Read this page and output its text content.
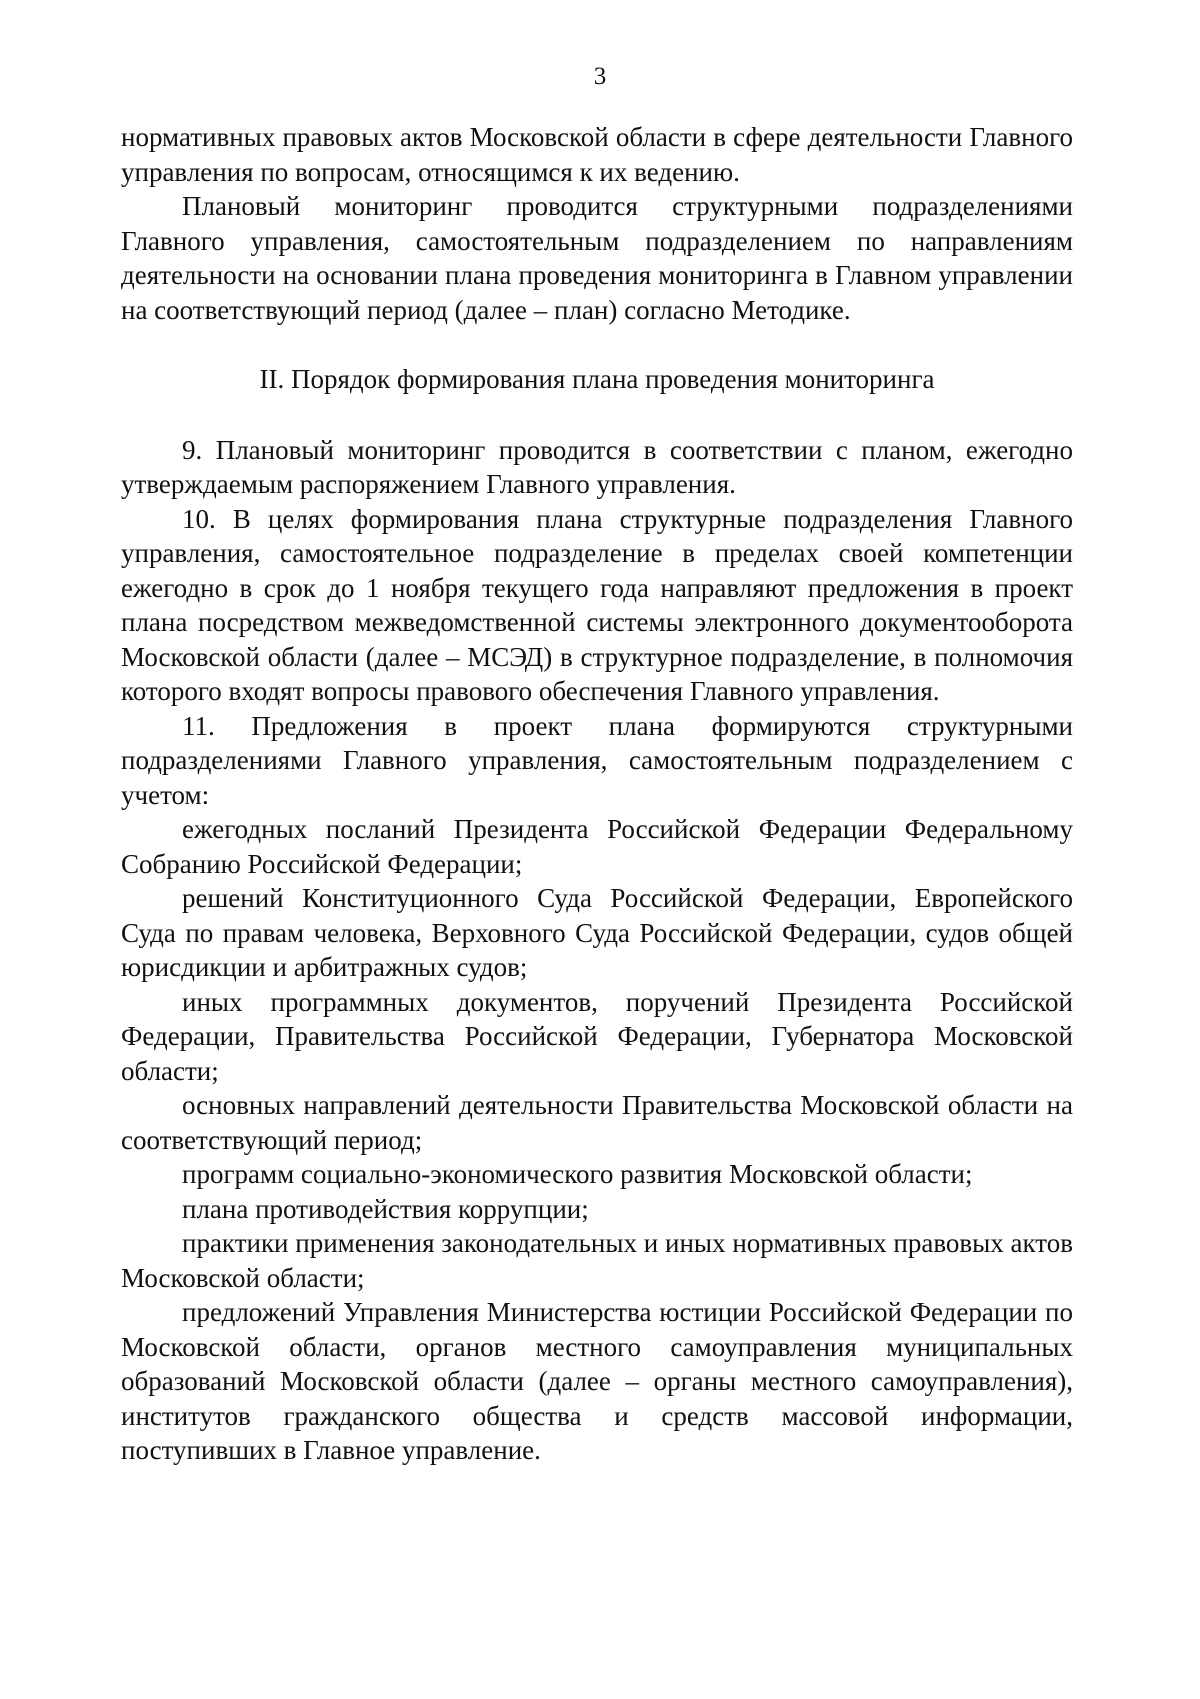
3

нормативных правовых актов Московской области в сфере деятельности Главного управления по вопросам, относящимся к их ведению.

Плановый мониторинг проводится структурными подразделениями Главного управления, самостоятельным подразделением по направлениям деятельности на основании плана проведения мониторинга в Главном управлении на соответствующий период (далее – план) согласно Методике.

II. Порядок формирования плана проведения мониторинга

9. Плановый мониторинг проводится в соответствии с планом, ежегодно утверждаемым распоряжением Главного управления.

10. В целях формирования плана структурные подразделения Главного управления, самостоятельное подразделение в пределах своей компетенции ежегодно в срок до 1 ноября текущего года направляют предложения в проект плана посредством межведомственной системы электронного документооборота Московской области (далее – МСЭД) в структурное подразделение, в полномочия которого входят вопросы правового обеспечения Главного управления.

11. Предложения в проект плана формируются структурными подразделениями Главного управления, самостоятельным подразделением с учетом:

ежегодных посланий Президента Российской Федерации Федеральному Собранию Российской Федерации;

решений Конституционного Суда Российской Федерации, Европейского Суда по правам человека, Верховного Суда Российской Федерации, судов общей юрисдикции и арбитражных судов;

иных программных документов, поручений Президента Российской Федерации, Правительства Российской Федерации, Губернатора Московской области;

основных направлений деятельности Правительства Московской области на соответствующий период;

программ социально-экономического развития Московской области;

плана противодействия коррупции;

практики применения законодательных и иных нормативных правовых актов Московской области;

предложений Управления Министерства юстиции Российской Федерации по Московской области, органов местного самоуправления муниципальных образований Московской области (далее – органы местного самоуправления), институтов гражданского общества и средств массовой информации, поступивших в Главное управление.
